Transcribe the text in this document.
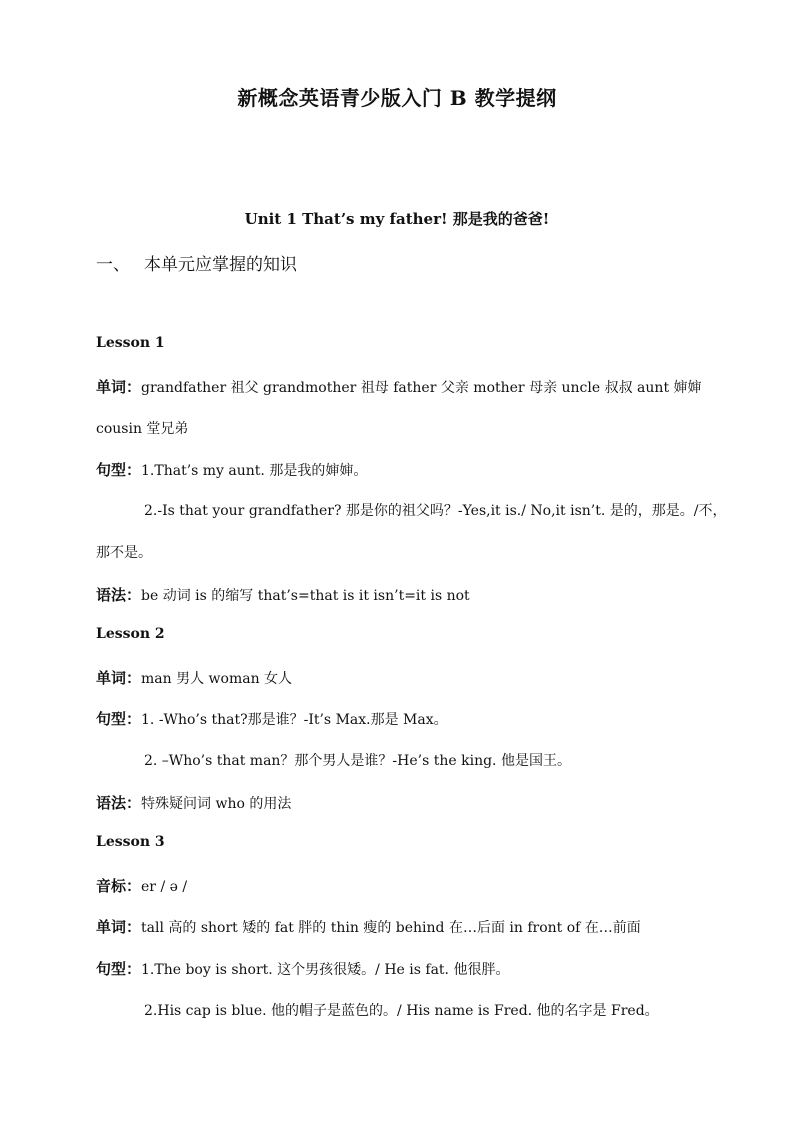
新概念英语青少版入门 B 教学提纲
Unit 1 That’s my father! 那是我的爸爸!
一、 本单元应掌握的知识
Lesson 1
单词：grandfather 祖父 grandmother 祖母 father 父亲 mother 母亲 uncle 叔叔 aunt 婶婶
cousin 堂兄弟
句型：1.That’s my aunt. 那是我的婶婶。
2.-Is that your grandfather? 那是你的祖父吗？-Yes,it is./ No,it isn’t. 是的，那是。/不，
那不是。
语法：be 动词 is 的缩写 that’s=that is it isn’t=it is not
Lesson 2
单词：man 男人 woman 女人
句型：1. -Who’s that?那是谁？-It’s Max.那是 Max。
2. –Who’s that man？那个男人是谁？-He’s the king. 他是国王。
语法：特殊疑问词 who 的用法
Lesson 3
音标：er / ə /
单词：tall 高的 short 矮的 fat 胖的 thin 瘦的 behind 在…后面 in front of 在…前面
句型：1.The boy is short. 这个男孩很矮。/ He is fat. 他很胖。
2.His cap is blue. 他的帽子是蓝色的。/ His name is Fred. 他的名字是 Fred。
